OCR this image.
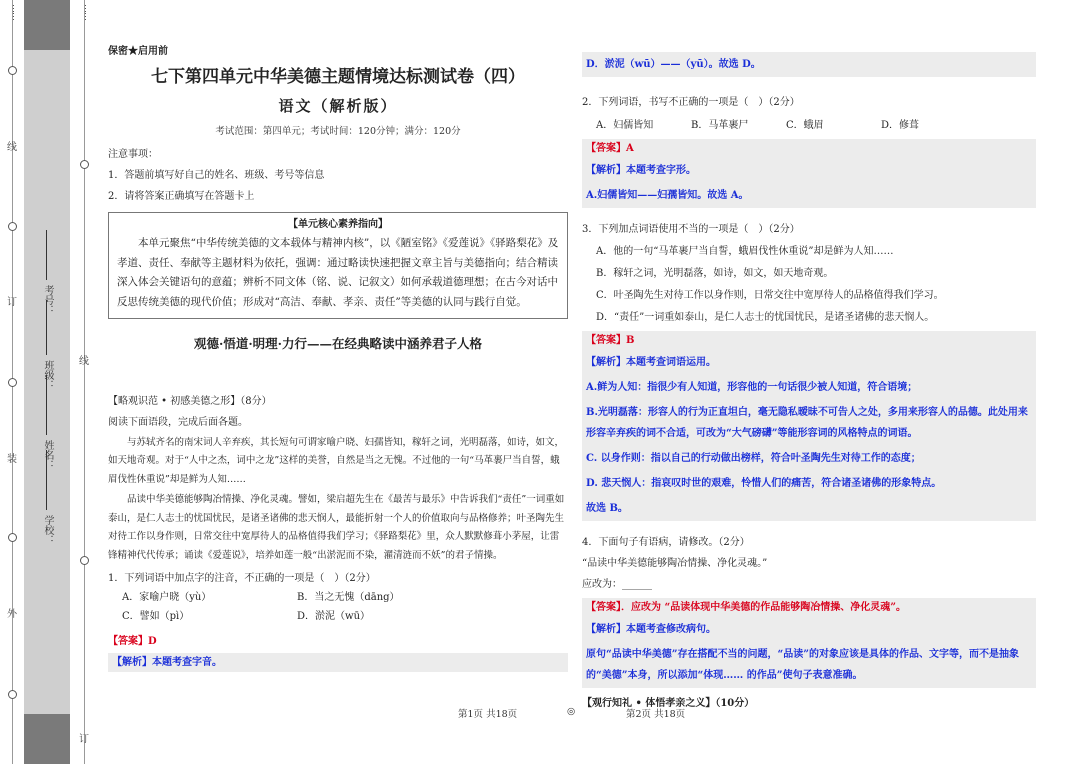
⋯⋯
线
订
装
外
⋯⋯
线
订
学校：
姓名：
班级：
考号：
保密★启用前
七下第四单元中华美德主题情境达标测试卷（四）
语文（解析版）
考试范围：第四单元；考试时间：120分钟；满分：120分
注意事项：
1．答题前填写好自己的姓名、班级、考号等信息
2．请将答案正确填写在答题卡上
【单元核心素养指向】
本单元聚焦“中华传统美德的文本载体与精神内核”，以《陋室铭》《爱莲说》《驿路梨花》及孝道、责任、奉献等主题材料为依托，强调：通过略读快速把握文章主旨与美德指向；结合精读深入体会关键语句的意蕴；辨析不同文体（铭、说、记叙文）如何承载道德理想；在古今对话中反思传统美德的现代价值；形成对“高洁、奉献、孝亲、责任”等美德的认同与践行自觉。
观德·悟道·明理·力行——在经典略读中涵养君子人格
【略观识范 • 初感美德之形】（8分）
阅读下面语段，完成后面各题。
与苏轼齐名的南宋词人辛弃疾，其长短句可谓家喻户晓、妇孺皆知，稼轩之词，光明磊落，如诗，如文，如天地奇观。对于“人中之杰，词中之龙”这样的美誉，自然是当之无愧。不过他的一句“马革裹尸当自誓，蛾眉伐性休重说”却是鲜为人知……
品读中华美德能够陶冶情操、净化灵魂。譬如，梁启超先生在《最苦与最乐》中告诉我们“责任”一词重如泰山，是仁人志士的忧国忧民，是诸圣诸佛的悲天悯人，最能折射一个人的价值取向与品格修养；叶圣陶先生对待工作以身作则，日常交往中宽厚待人的品格值得我们学习；《驿路梨花》里，众人默默修葺小茅屋，让雷锋精神代代传承；诵读《爱莲说》，培养如莲一般“出淤泥而不染，濯清涟而不妖”的君子情操。
1．下列词语中加点字的注音，不正确的一项是（　）（2分）
A．家喻户晓（yù）	B．当之无愧（dāng）
C．譬如（pì）	D．淤泥（wū）
【答案】D
【解析】本题考查字音。
D．淤泥（wū）——（yū）。故选 D。
2．下列词语，书写不正确的一项是（　）（2分）
A．妇儒皆知	B．马革裹尸	C．蛾眉	D．修葺
【答案】A
【解析】本题考查字形。
A.妇儒皆知——妇孺皆知。故选 A。
3．下列加点词语使用不当的一项是（　）（2分）
A．他的一句“马革裹尸当自誓，蛾眉伐性休重说”却是鲜为人知……
B．稼轩之词，光明磊落，如诗，如文，如天地奇观。
C．叶圣陶先生对待工作以身作则，日常交往中宽厚待人的品格值得我们学习。
D．“责任”一词重如泰山，是仁人志士的忧国忧民，是诸圣诸佛的悲天悯人。
【答案】B
【解析】本题考查词语运用。
A.鲜为人知：指很少有人知道，形容他的一句话很少被人知道，符合语境；
B.光明磊落：形容人的行为正直坦白，毫无隐私暧昧不可告人之处，多用来形容人的品德。此处用来形容辛弃疾的词不合适，可改为“大气磅礴”等能形容词的风格特点的词语。
C. 以身作则：指以自己的行动做出榜样，符合叶圣陶先生对待工作的态度；
D. 悲天悯人：指哀叹时世的艰难，怜惜人们的痛苦，符合诸圣诸佛的形象特点。
故选 B。
4．下面句子有语病，请修改。（2分）
“品读中华美德能够陶冶情操、净化灵魂。”
应改为：______
【答案】．应改为 “品读体现中华美德的作品能够陶冶情操、净化灵魂”。
【解析】本题考查修改病句。
原句“品读中华美德”存在搭配不当的问题，“品读”的对象应该是具体的作品、文字等，而不是抽象的“美德”本身，所以添加“体现…… 的作品”使句子表意准确。
【观行知礼 • 体悟孝亲之义】（10分）
第1页 共18页	◎	第2页 共18页
